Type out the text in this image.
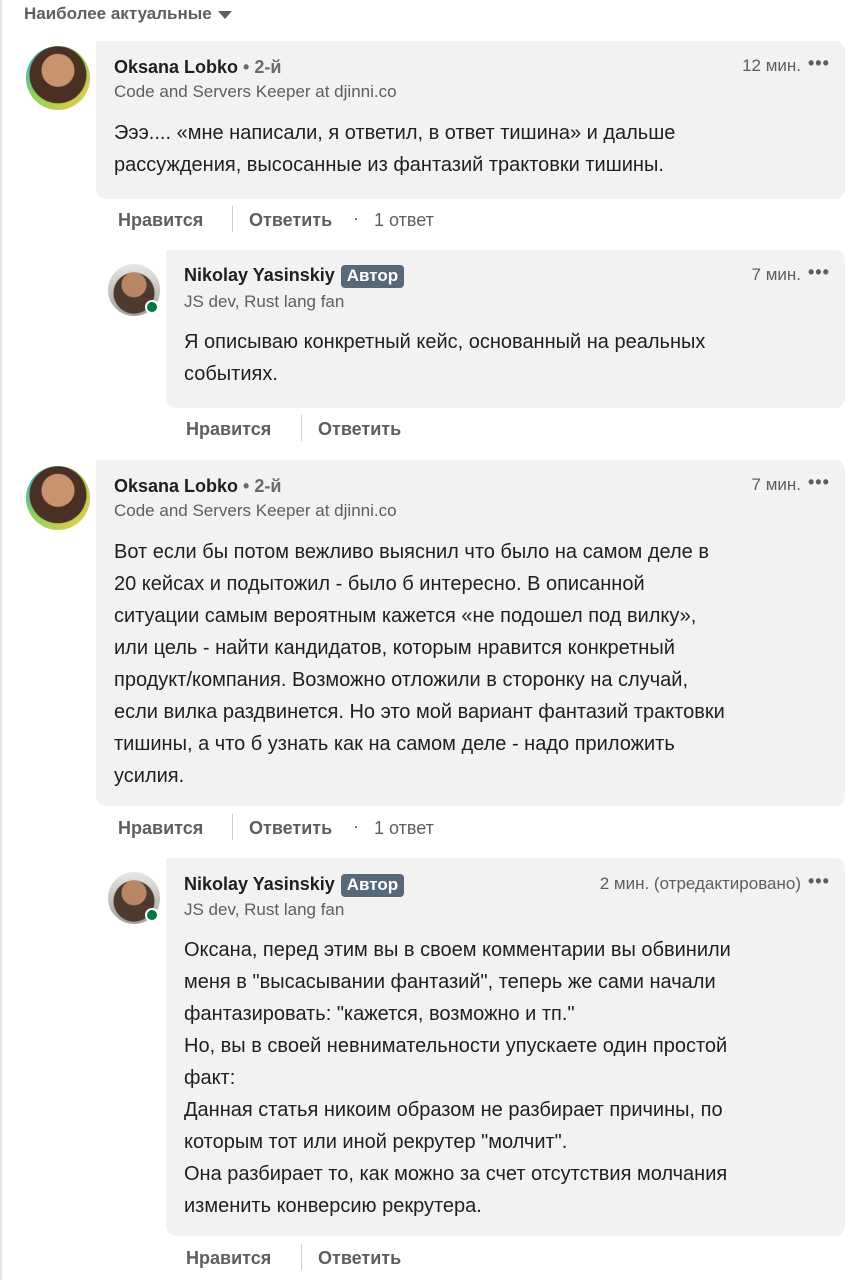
Наиболее актуальные
Oksana Lobko • 2-й
Code and Servers Keeper at djinni.co
12 мин. •••
Эээ.... «мне написали, я ответил, в ответ тишина» и дальше
рассуждения, высосанные из фантазий трактовки тишины.
Нравится	Ответить · 1 ответ
Nikolay Yasinskiy Автор
JS dev, Rust lang fan
7 мин. •••
Я описываю конкретный кейс, основанный на реальных
событиях.
Нравится	Ответить
Oksana Lobko • 2-й
Code and Servers Keeper at djinni.co
7 мин. •••
Вот если бы потом вежливо выяснил что было на самом деле в
20 кейсах и подытожил - было б интересно. В описанной
ситуации самым вероятным кажется «не подошел под вилку»,
или цель - найти кандидатов, которым нравится конкретный
продукт/компания. Возможно отложили в сторонку на случай,
если вилка раздвинется. Но это мой вариант фантазий трактовки
тишины, а что б узнать как на самом деле - надо приложить
усилия.
Нравится	Ответить · 1 ответ
Nikolay Yasinskiy Автор
JS dev, Rust lang fan
2 мин. (отредактировано) •••
Оксана, перед этим вы в своем комментарии вы обвинили
меня в "высасывании фантазий", теперь же сами начали
фантазировать: "кажется, возможно и тп."
Но, вы в своей невнимательности упускаете один простой
факт:
Данная статья никоим образом не разбирает причины, по
которым тот или иной рекрутер "молчит".
Она разбирает то, как можно за счет отсутствия молчания
изменить конверсию рекрутера.
Нравится	Ответить
